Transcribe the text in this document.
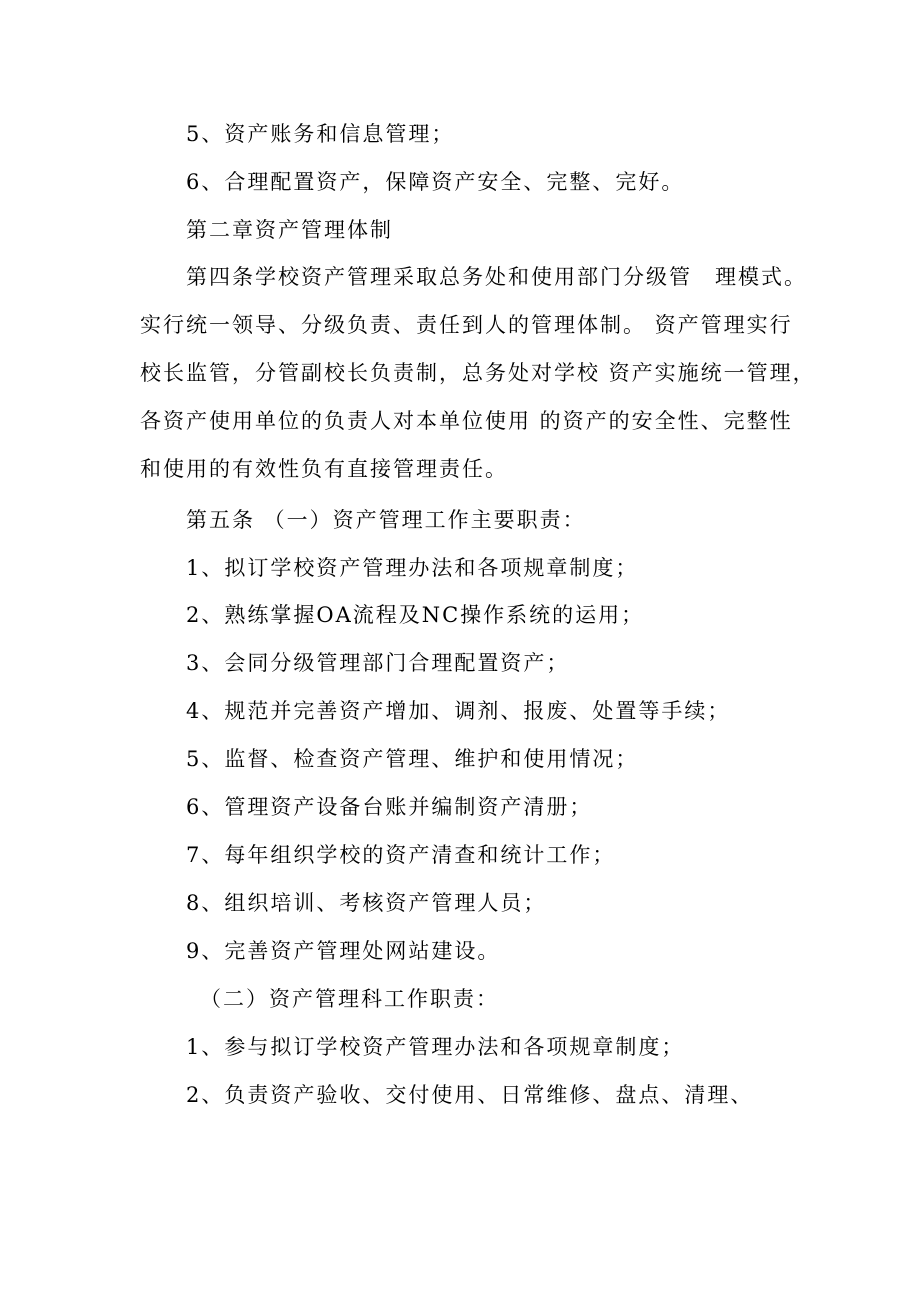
5、资产账务和信息管理；
6、合理配置资产，保障资产安全、完整、完好。
第二章资产管理体制
第四条学校资产管理采取总务处和使用部门分级管　理模式。
实行统一领导、分级负责、责任到人的管理体制。 资产管理实行
校长监管，分管副校长负责制，总务处对学校 资产实施统一管理，
各资产使用单位的负责人对本单位使用 的资产的安全性、完整性
和使用的有效性负有直接管理责任。
第五条 （一）资产管理工作主要职责：
1、拟订学校资产管理办法和各项规章制度；
2、熟练掌握OA流程及NC操作系统的运用；
3、会同分级管理部门合理配置资产；
4、规范并完善资产增加、调剂、报废、处置等手续；
5、监督、检查资产管理、维护和使用情况；
6、管理资产设备台账并编制资产清册；
7、每年组织学校的资产清查和统计工作；
8、组织培训、考核资产管理人员；
9、完善资产管理处网站建设。
（二）资产管理科工作职责：
1、参与拟订学校资产管理办法和各项规章制度；
2、负责资产验收、交付使用、日常维修、盘点、清理、
